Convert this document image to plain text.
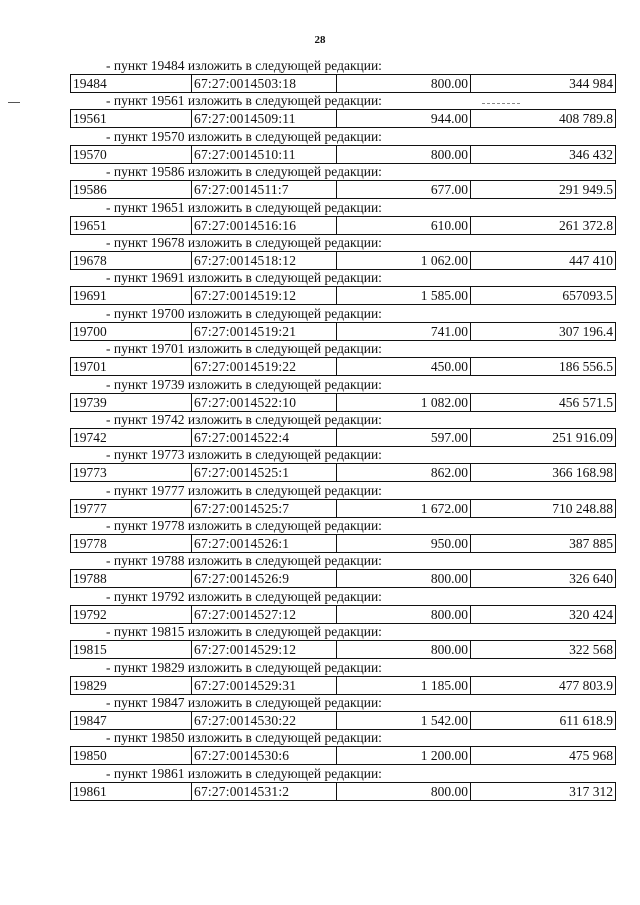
28
- пункт 19484 изложить в следующей редакции:
19484	67:27:0014503:18	800.00	344 984
- пункт 19561 изложить в следующей редакции:
19561	67:27:0014509:11	944.00	408 789.8
- пункт 19570 изложить в следующей редакции:
19570	67:27:0014510:11	800.00	346 432
- пункт 19586 изложить в следующей редакции:
19586	67:27:0014511:7	677.00	291 949.5
- пункт 19651 изложить в следующей редакции:
19651	67:27:0014516:16	610.00	261 372.8
- пункт 19678 изложить в следующей редакции:
19678	67:27:0014518:12	1 062.00	447 410
- пункт 19691 изложить в следующей редакции:
19691	67:27:0014519:12	1 585.00	657093.5
- пункт 19700 изложить в следующей редакции:
19700	67:27:0014519:21	741.00	307 196.4
- пункт 19701 изложить в следующей редакции:
19701	67:27:0014519:22	450.00	186 556.5
- пункт 19739 изложить в следующей редакции:
19739	67:27:0014522:10	1 082.00	456 571.5
- пункт 19742 изложить в следующей редакции:
19742	67:27:0014522:4	597.00	251 916.09
- пункт 19773 изложить в следующей редакции:
19773	67:27:0014525:1	862.00	366 168.98
- пункт 19777 изложить в следующей редакции:
19777	67:27:0014525:7	1 672.00	710 248.88
- пункт 19778 изложить в следующей редакции:
19778	67:27:0014526:1	950.00	387 885
- пункт 19788 изложить в следующей редакции:
19788	67:27:0014526:9	800.00	326 640
- пункт 19792 изложить в следующей редакции:
19792	67:27:0014527:12	800.00	320 424
- пункт 19815 изложить в следующей редакции:
19815	67:27:0014529:12	800.00	322 568
- пункт 19829 изложить в следующей редакции:
19829	67:27:0014529:31	1 185.00	477 803.9
- пункт 19847 изложить в следующей редакции:
19847	67:27:0014530:22	1 542.00	611 618.9
- пункт 19850 изложить в следующей редакции:
19850	67:27:0014530:6	1 200.00	475 968
- пункт 19861 изложить в следующей редакции:
19861	67:27:0014531:2	800.00	317 312
